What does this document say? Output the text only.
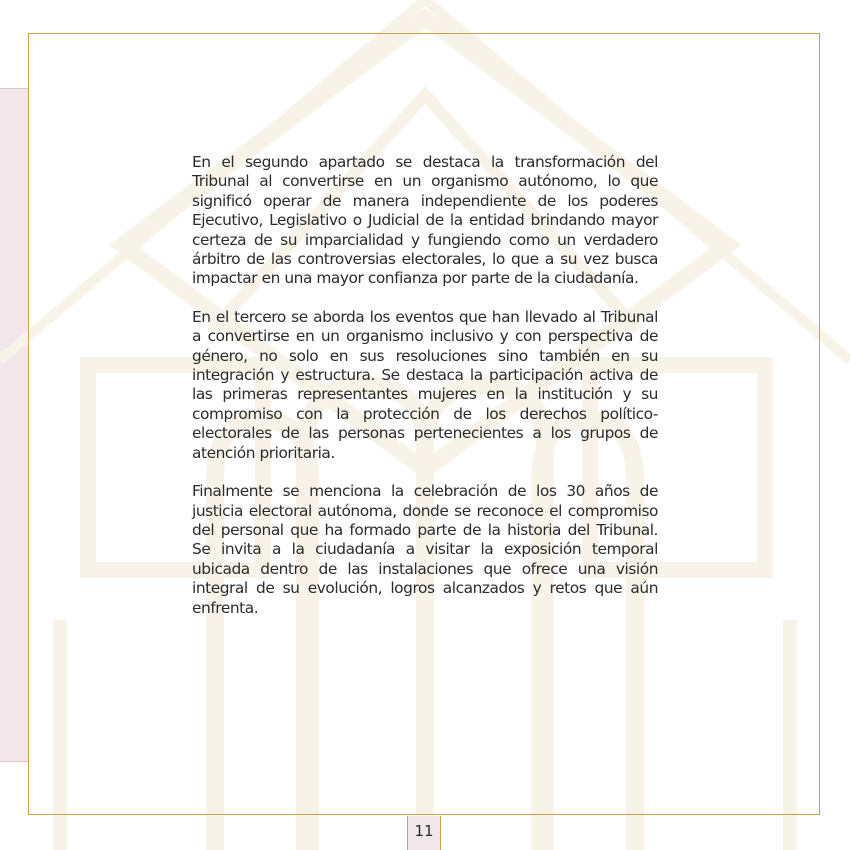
En el segundo apartado se destaca la transformación del Tribunal al convertirse en un organismo autónomo, lo que significó operar de manera independiente de los poderes Ejecutivo, Legislativo o Judicial de la entidad brindando mayor certeza de su imparcialidad y fungiendo como un verdadero árbitro de las controversias electorales, lo que a su vez busca impactar en una mayor confianza por parte de la ciudadanía.

En el tercero se aborda los eventos que han llevado al Tribunal a convertirse en un organismo inclusivo y con perspectiva de género, no solo en sus resoluciones sino también en su integración y estructura. Se destaca la participación activa de las primeras representantes mujeres en la institución y su compromiso con la protección de los derechos político-electorales de las personas pertenecientes a los grupos de atención prioritaria.

Finalmente se menciona la celebración de los 30 años de justicia electoral autónoma, donde se reconoce el compromiso del personal que ha formado parte de la historia del Tribunal. Se invita a la ciudadanía a visitar la exposición temporal ubicada dentro de las instalaciones que ofrece una visión integral de su evolución, logros alcanzados y retos que aún enfrenta.

11
